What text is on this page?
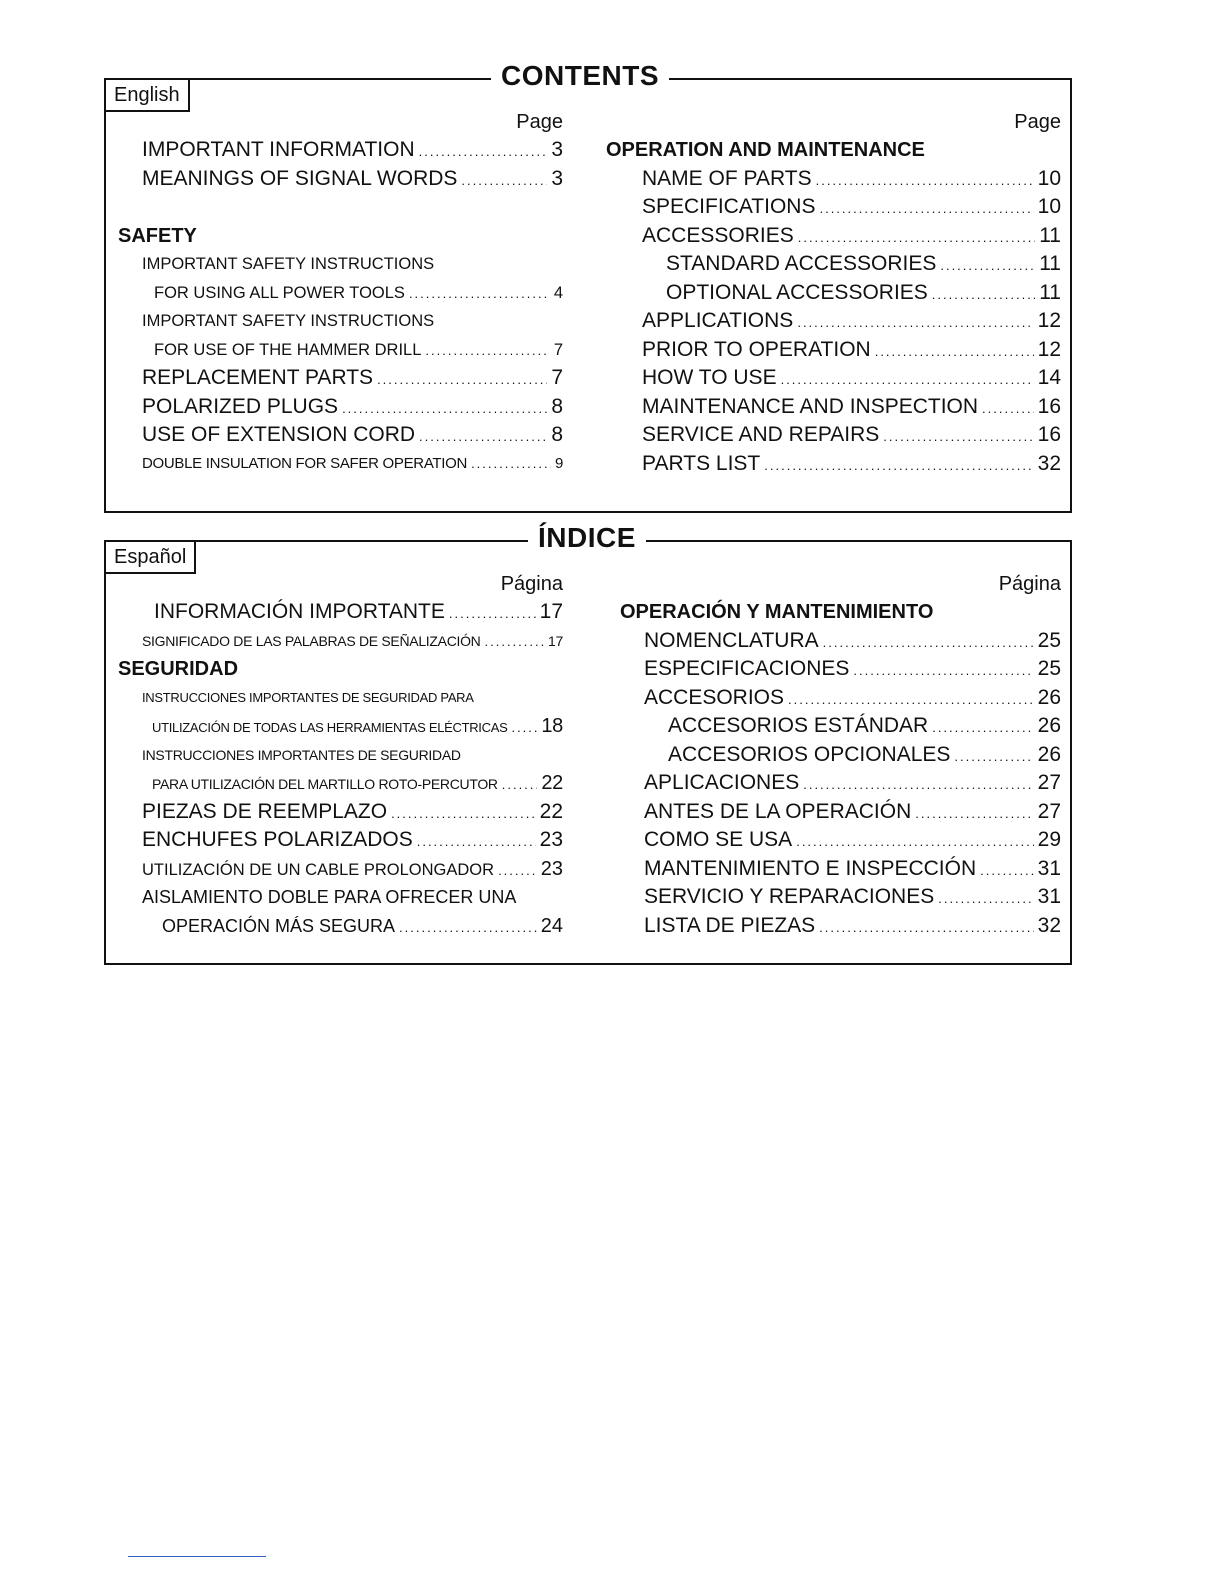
English
CONTENTS
Page
IMPORTANT INFORMATION .....	3
MEANINGS OF SIGNAL WORDS .....	3
SAFETY
IMPORTANT SAFETY INSTRUCTIONS
FOR USING ALL POWER TOOLS .....	4
IMPORTANT SAFETY INSTRUCTIONS
FOR USE OF THE HAMMER DRILL .....	7
REPLACEMENT PARTS .....	7
POLARIZED PLUGS .....	8
USE OF EXTENSION CORD .....	8
DOUBLE INSULATION FOR SAFER OPERATION .....	9
Page
OPERATION AND MAINTENANCE
NAME OF PARTS .....	10
SPECIFICATIONS .....	10
ACCESSORIES .....	11
STANDARD ACCESSORIES .....	11
OPTIONAL ACCESSORIES .....	11
APPLICATIONS .....	12
PRIOR TO OPERATION .....	12
HOW TO USE .....	14
MAINTENANCE AND INSPECTION .....	16
SERVICE AND REPAIRS .....	16
PARTS LIST .....	32
Español
ÍNDICE
Página
INFORMACIÓN IMPORTANTE .....	17
SIGNIFICADO DE LAS PALABRAS DE SEÑALIZACIÓN .....	17
SEGURIDAD
INSTRUCCIONES IMPORTANTES DE SEGURIDAD PARA
UTILIZACIÓN DE TODAS LAS HERRAMIENTAS ELÉCTRICAS ..... 18
INSTRUCCIONES IMPORTANTES DE SEGURIDAD
PARA UTILIZACIÓN DEL MARTILLO ROTO-PERCUTOR ..... 22
PIEZAS DE REEMPLAZO .....	22
ENCHUFES POLARIZADOS .....	23
UTILIZACIÓN DE UN CABLE PROLONGADOR ..... 23
AISLAMIENTO DOBLE PARA OFRECER UNA
OPERACIÓN MÁS SEGURA .....	24
Página
OPERACIÓN Y MANTENIMIENTO
NOMENCLATURA .....	25
ESPECIFICACIONES .....	25
ACCESORIOS .....	26
ACCESORIOS ESTÁNDAR .....	26
ACCESORIOS OPCIONALES .....	26
APLICACIONES .....	27
ANTES DE LA OPERACIÓN .....	27
COMO SE USA .....	29
MANTENIMIENTO E INSPECCIÓN .....	31
SERVICIO Y REPARACIONES .....	31
LISTA DE PIEZAS .....	32
